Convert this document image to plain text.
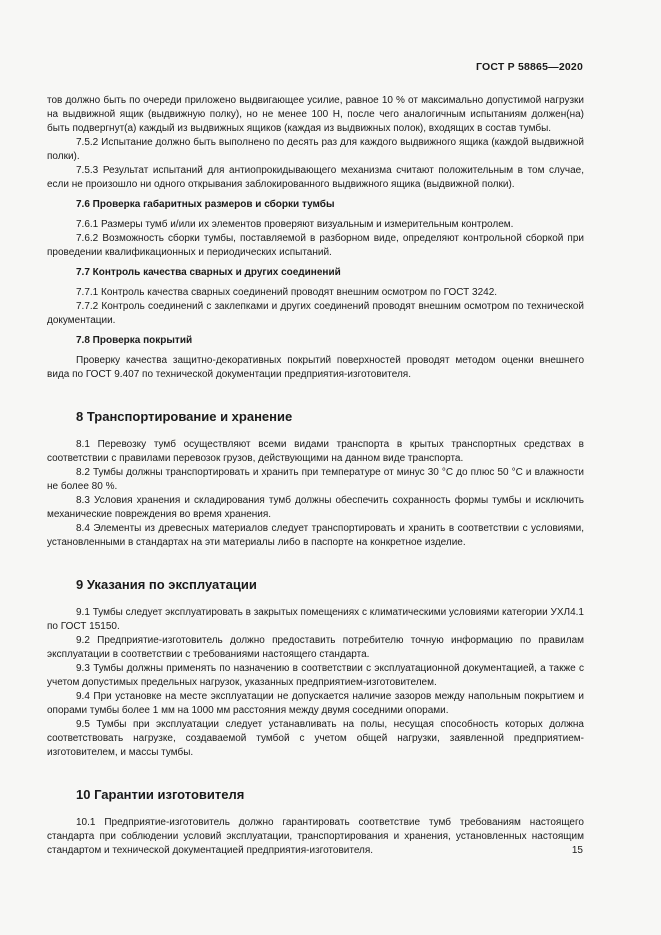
ГОСТ Р 58865—2020

тов должно быть по очереди приложено выдвигающее усилие, равное 10 % от максимально допустимой нагрузки на выдвижной ящик (выдвижную полку), но не менее 100 Н, после чего аналогичным испытаниям должен(на) быть подвергнут(а) каждый из выдвижных ящиков (каждая из выдвижных полок), входящих в состав тумбы.

7.5.2 Испытание должно быть выполнено по десять раз для каждого выдвижного ящика (каждой выдвижной полки).

7.5.3 Результат испытаний для антиопрокидывающего механизма считают положительным в том случае, если не произошло ни одного открывания заблокированного выдвижного ящика (выдвижной полки).

7.6 Проверка габаритных размеров и сборки тумбы

7.6.1 Размеры тумб и/или их элементов проверяют визуальным и измерительным контролем.

7.6.2 Возможность сборки тумбы, поставляемой в разборном виде, определяют контрольной сборкой при проведении квалификационных и периодических испытаний.

7.7 Контроль качества сварных и других соединений

7.7.1 Контроль качества сварных соединений проводят внешним осмотром по ГОСТ 3242.

7.7.2 Контроль соединений с заклепками и других соединений проводят внешним осмотром по технической документации.

7.8 Проверка покрытий

Проверку качества защитно-декоративных покрытий поверхностей проводят методом оценки внешнего вида по ГОСТ 9.407 по технической документации предприятия-изготовителя.

8 Транспортирование и хранение

8.1 Перевозку тумб осуществляют всеми видами транспорта в крытых транспортных средствах в соответствии с правилами перевозок грузов, действующими на данном виде транспорта.

8.2 Тумбы должны транспортировать и хранить при температуре от минус 30 °С до плюс 50 °С и влажности не более 80 %.

8.3 Условия хранения и складирования тумб должны обеспечить сохранность формы тумбы и исключить механические повреждения во время хранения.

8.4 Элементы из древесных материалов следует транспортировать и хранить в соответствии с условиями, установленными в стандартах на эти материалы либо в паспорте на конкретное изделие.

9 Указания по эксплуатации

9.1 Тумбы следует эксплуатировать в закрытых помещениях с климатическими условиями категории УХЛ4.1 по ГОСТ 15150.

9.2 Предприятие-изготовитель должно предоставить потребителю точную информацию по правилам эксплуатации в соответствии с требованиями настоящего стандарта.

9.3 Тумбы должны применять по назначению в соответствии с эксплуатационной документацией, а также с учетом допустимых предельных нагрузок, указанных предприятием-изготовителем.

9.4 При установке на месте эксплуатации не допускается наличие зазоров между напольным покрытием и опорами тумбы более 1 мм на 1000 мм расстояния между двумя соседними опорами.

9.5 Тумбы при эксплуатации следует устанавливать на полы, несущая способность которых должна соответствовать нагрузке, создаваемой тумбой с учетом общей нагрузки, заявленной предприятием-изготовителем, и массы тумбы.

10 Гарантии изготовителя

10.1 Предприятие-изготовитель должно гарантировать соответствие тумб требованиям настоящего стандарта при соблюдении условий эксплуатации, транспортирования и хранения, установленных настоящим стандартом и технической документацией предприятия-изготовителя.	15
